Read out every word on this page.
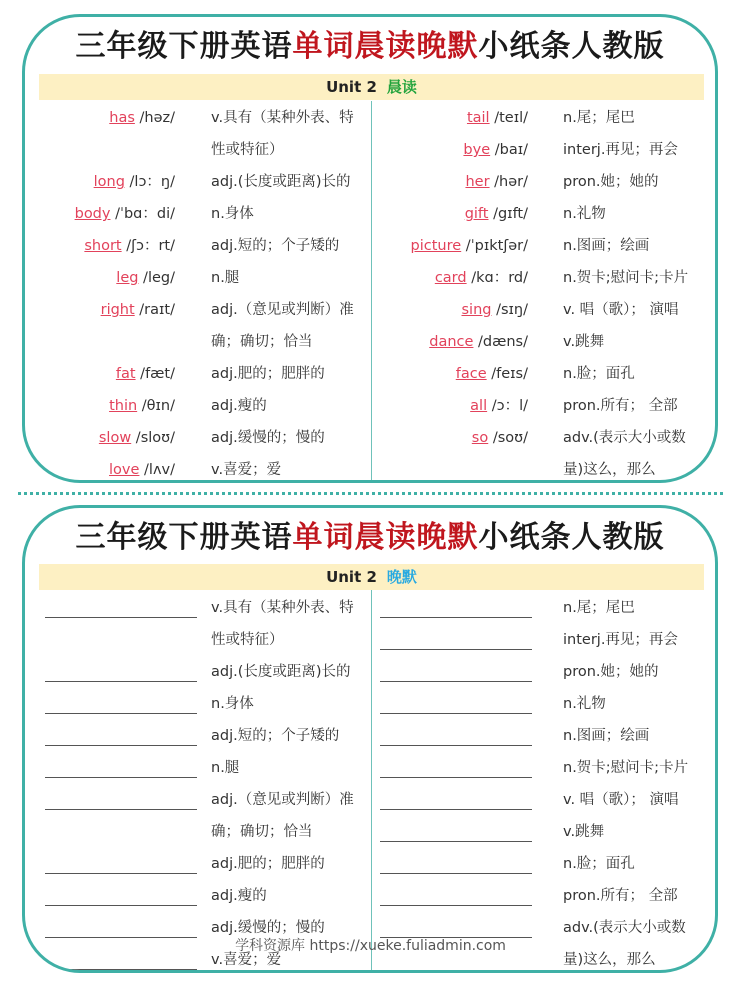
三年级下册英语单词晨读晚默小纸条人教版
Unit 2 晨读
has /həz/ v.具有（某种外表、特
性或特征）
long /lɔ：ŋ/ adj.(长度或距离)长的
body /ˈbɑ：di/ n.身体
short /ʃɔ：rt/ adj.短的；个子矮的
leg /leg/ n.腿
right /raɪt/ adj.（意见或判断）准
确；确切；恰当
fat /fæt/ adj.肥的；肥胖的
thin /θɪn/ adj.瘦的
slow /sloʊ/ adj.缓慢的；慢的
love /lʌv/ v.喜爱；爱
tail /teɪl/ n.尾；尾巴
bye /baɪ/ interj.再见；再会
her /hər/ pron.她；她的
gift /gɪft/ n.礼物
picture /ˈpɪktʃər/ n.图画；绘画
card /kɑ：rd/ n.贺卡;慰问卡;卡片
sing /sɪŋ/ v. 唱（歌）； 演唱
dance /dæns/ v.跳舞
face /feɪs/ n.脸；面孔
all /ɔ：l/ pron.所有； 全部
so /soʊ/ adv.(表示大小或数
量)这么，那么
三年级下册英语单词晨读晚默小纸条人教版
Unit 2 晚默
v.具有（某种外表、特
性或特征）
adj.(长度或距离)长的
n.身体
adj.短的；个子矮的
n.腿
adj.（意见或判断）准
确；确切；恰当
adj.肥的；肥胖的
adj.瘦的
adj.缓慢的；慢的
v.喜爱；爱
n.尾；尾巴
interj.再见；再会
pron.她；她的
n.礼物
n.图画；绘画
n.贺卡;慰问卡;卡片
v. 唱（歌）； 演唱
v.跳舞
n.脸；面孔
pron.所有； 全部
adv.(表示大小或数
量)这么，那么
学科资源库 https://xueke.fuliadmin.com
